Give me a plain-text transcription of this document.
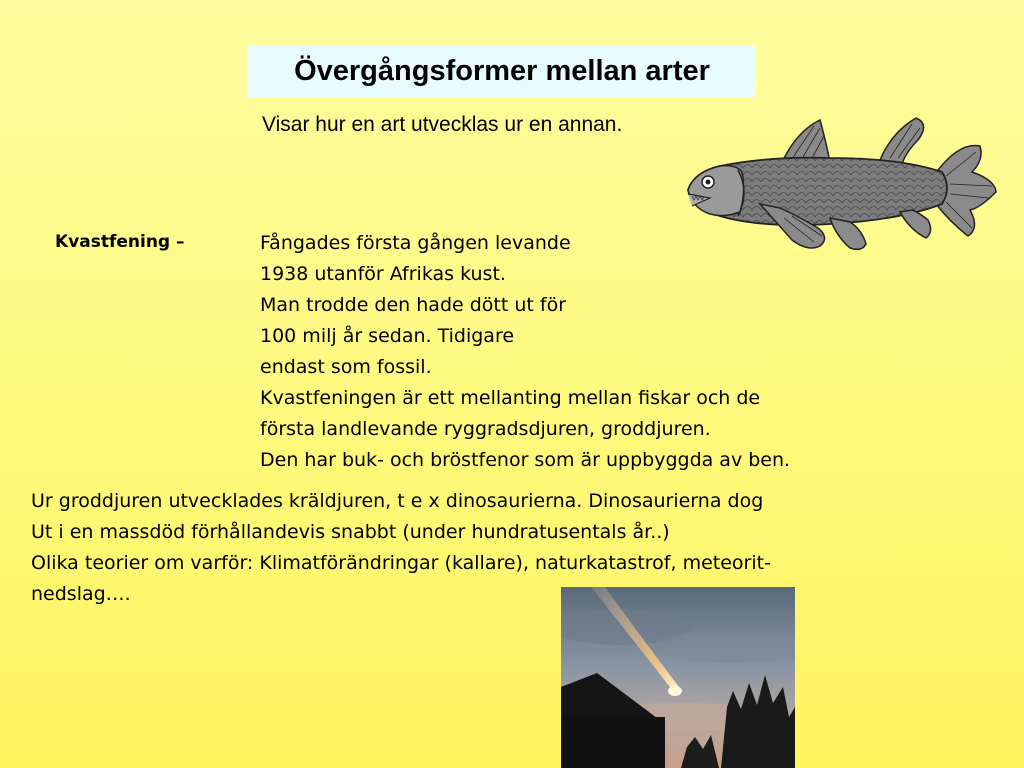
Övergångsformer mellan arter
Visar hur en art utvecklas ur en annan.
Kvastfening –	Fångades första gången levande
1938 utanför Afrikas kust.
Man trodde den hade dött ut för
100 milj år sedan. Tidigare
endast som fossil.
Kvastfeningen är ett mellanting mellan fiskar och de
första landlevande ryggradsdjuren, groddjuren.
Den har buk- och bröstfenor som är uppbyggda av ben.
Ur groddjuren utvecklades kräldjuren, t e x dinosaurierna. Dinosaurierna dog
Ut i en massdöd förhållandevis snabbt (under hundratusentals år..)
Olika teorier om varför: Klimatförändringar (kallare), naturkatastrof, meteorit-
nedslag….
